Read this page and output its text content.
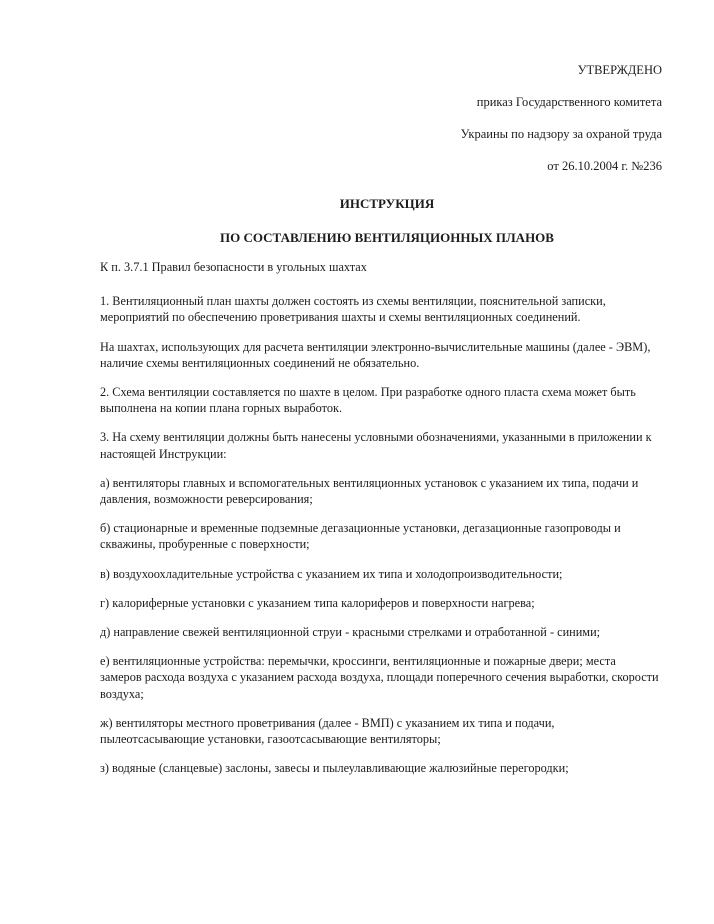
УТВЕРЖДЕНО
приказ Государственного комитета
Украины по надзору за охраной труда
от 26.10.2004 г. №236
ИНСТРУКЦИЯ
ПО СОСТАВЛЕНИЮ ВЕНТИЛЯЦИОННЫХ ПЛАНОВ

К п. 3.7.1 Правил безопасности в угольных шахтах

1. Вентиляционный план шахты должен состоять из схемы вентиляции, пояснительной записки, мероприятий по обеспечению проветривания шахты и схемы вентиляционных соединений.

На шахтах, использующих для расчета вентиляции электронно-вычислительные машины (далее - ЭВМ), наличие схемы вентиляционных соединений не обязательно.

2. Схема вентиляции составляется по шахте в целом. При разработке одного пласта схема может быть выполнена на копии плана горных выработок.

3. На схему вентиляции должны быть нанесены условными обозначениями, указанными в приложении к настоящей Инструкции:

а) вентиляторы главных и вспомогательных вентиляционных установок с указанием их типа, подачи и давления, возможности реверсирования;

б) стационарные и временные подземные дегазационные установки, дегазационные газопроводы и скважины, пробуренные с поверхности;

в) воздухоохладительные устройства с указанием их типа и холодопроизводительности;

г) калориферные установки с указанием типа калориферов и поверхности нагрева;

д) направление свежей вентиляционной струи - красными стрелками и отработанной - синими;

е) вентиляционные устройства: перемычки, кроссинги, вентиляционные и пожарные двери; места замеров расхода воздуха с указанием расхода воздуха, площади поперечного сечения выработки, скорости воздуха;

ж) вентиляторы местного проветривания (далее - ВМП) с указанием их типа и подачи, пылеотсасывающие установки, газоотсасывающие вентиляторы;

з) водяные (сланцевые) заслоны, завесы и пылеулавливающие жалюзийные перегородки;
